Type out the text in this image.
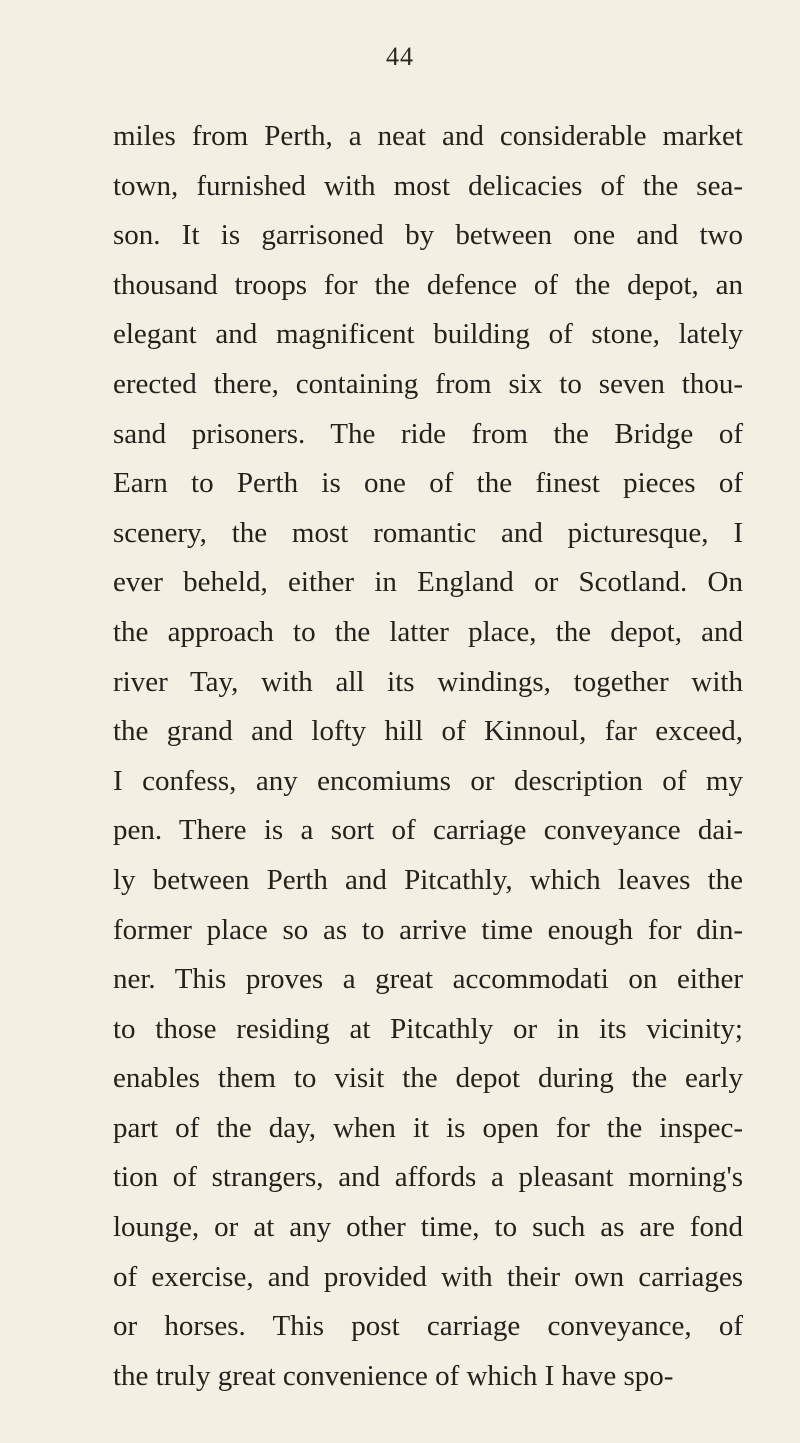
44
miles from Perth, a neat and considerable market
town, furnished with most delicacies of the sea-
son. It is garrisoned by between one and two
thousand troops for the defence of the depot, an
elegant and magnificent building of stone, lately
erected there, containing from six to seven thou-
sand prisoners. The ride from the Bridge of
Earn to Perth is one of the finest pieces of
scenery, the most romantic and picturesque, I
ever beheld, either in England or Scotland. On
the approach to the latter place, the depot, and
river Tay, with all its windings, together with
the grand and lofty hill of Kinnoul, far exceed,
I confess, any encomiums or description of my
pen. There is a sort of carriage conveyance dai-
ly between Perth and Pitcathly, which leaves the
former place so as to arrive time enough for din-
ner. This proves a great accommodati on either
to those residing at Pitcathly or in its vicinity;
enables them to visit the depot during the early
part of the day, when it is open for the inspec-
tion of strangers, and affords a pleasant morning's
lounge, or at any other time, to such as are fond
of exercise, and provided with their own carriages
or horses. This post carriage conveyance, of
the truly great convenience of which I have spo-
